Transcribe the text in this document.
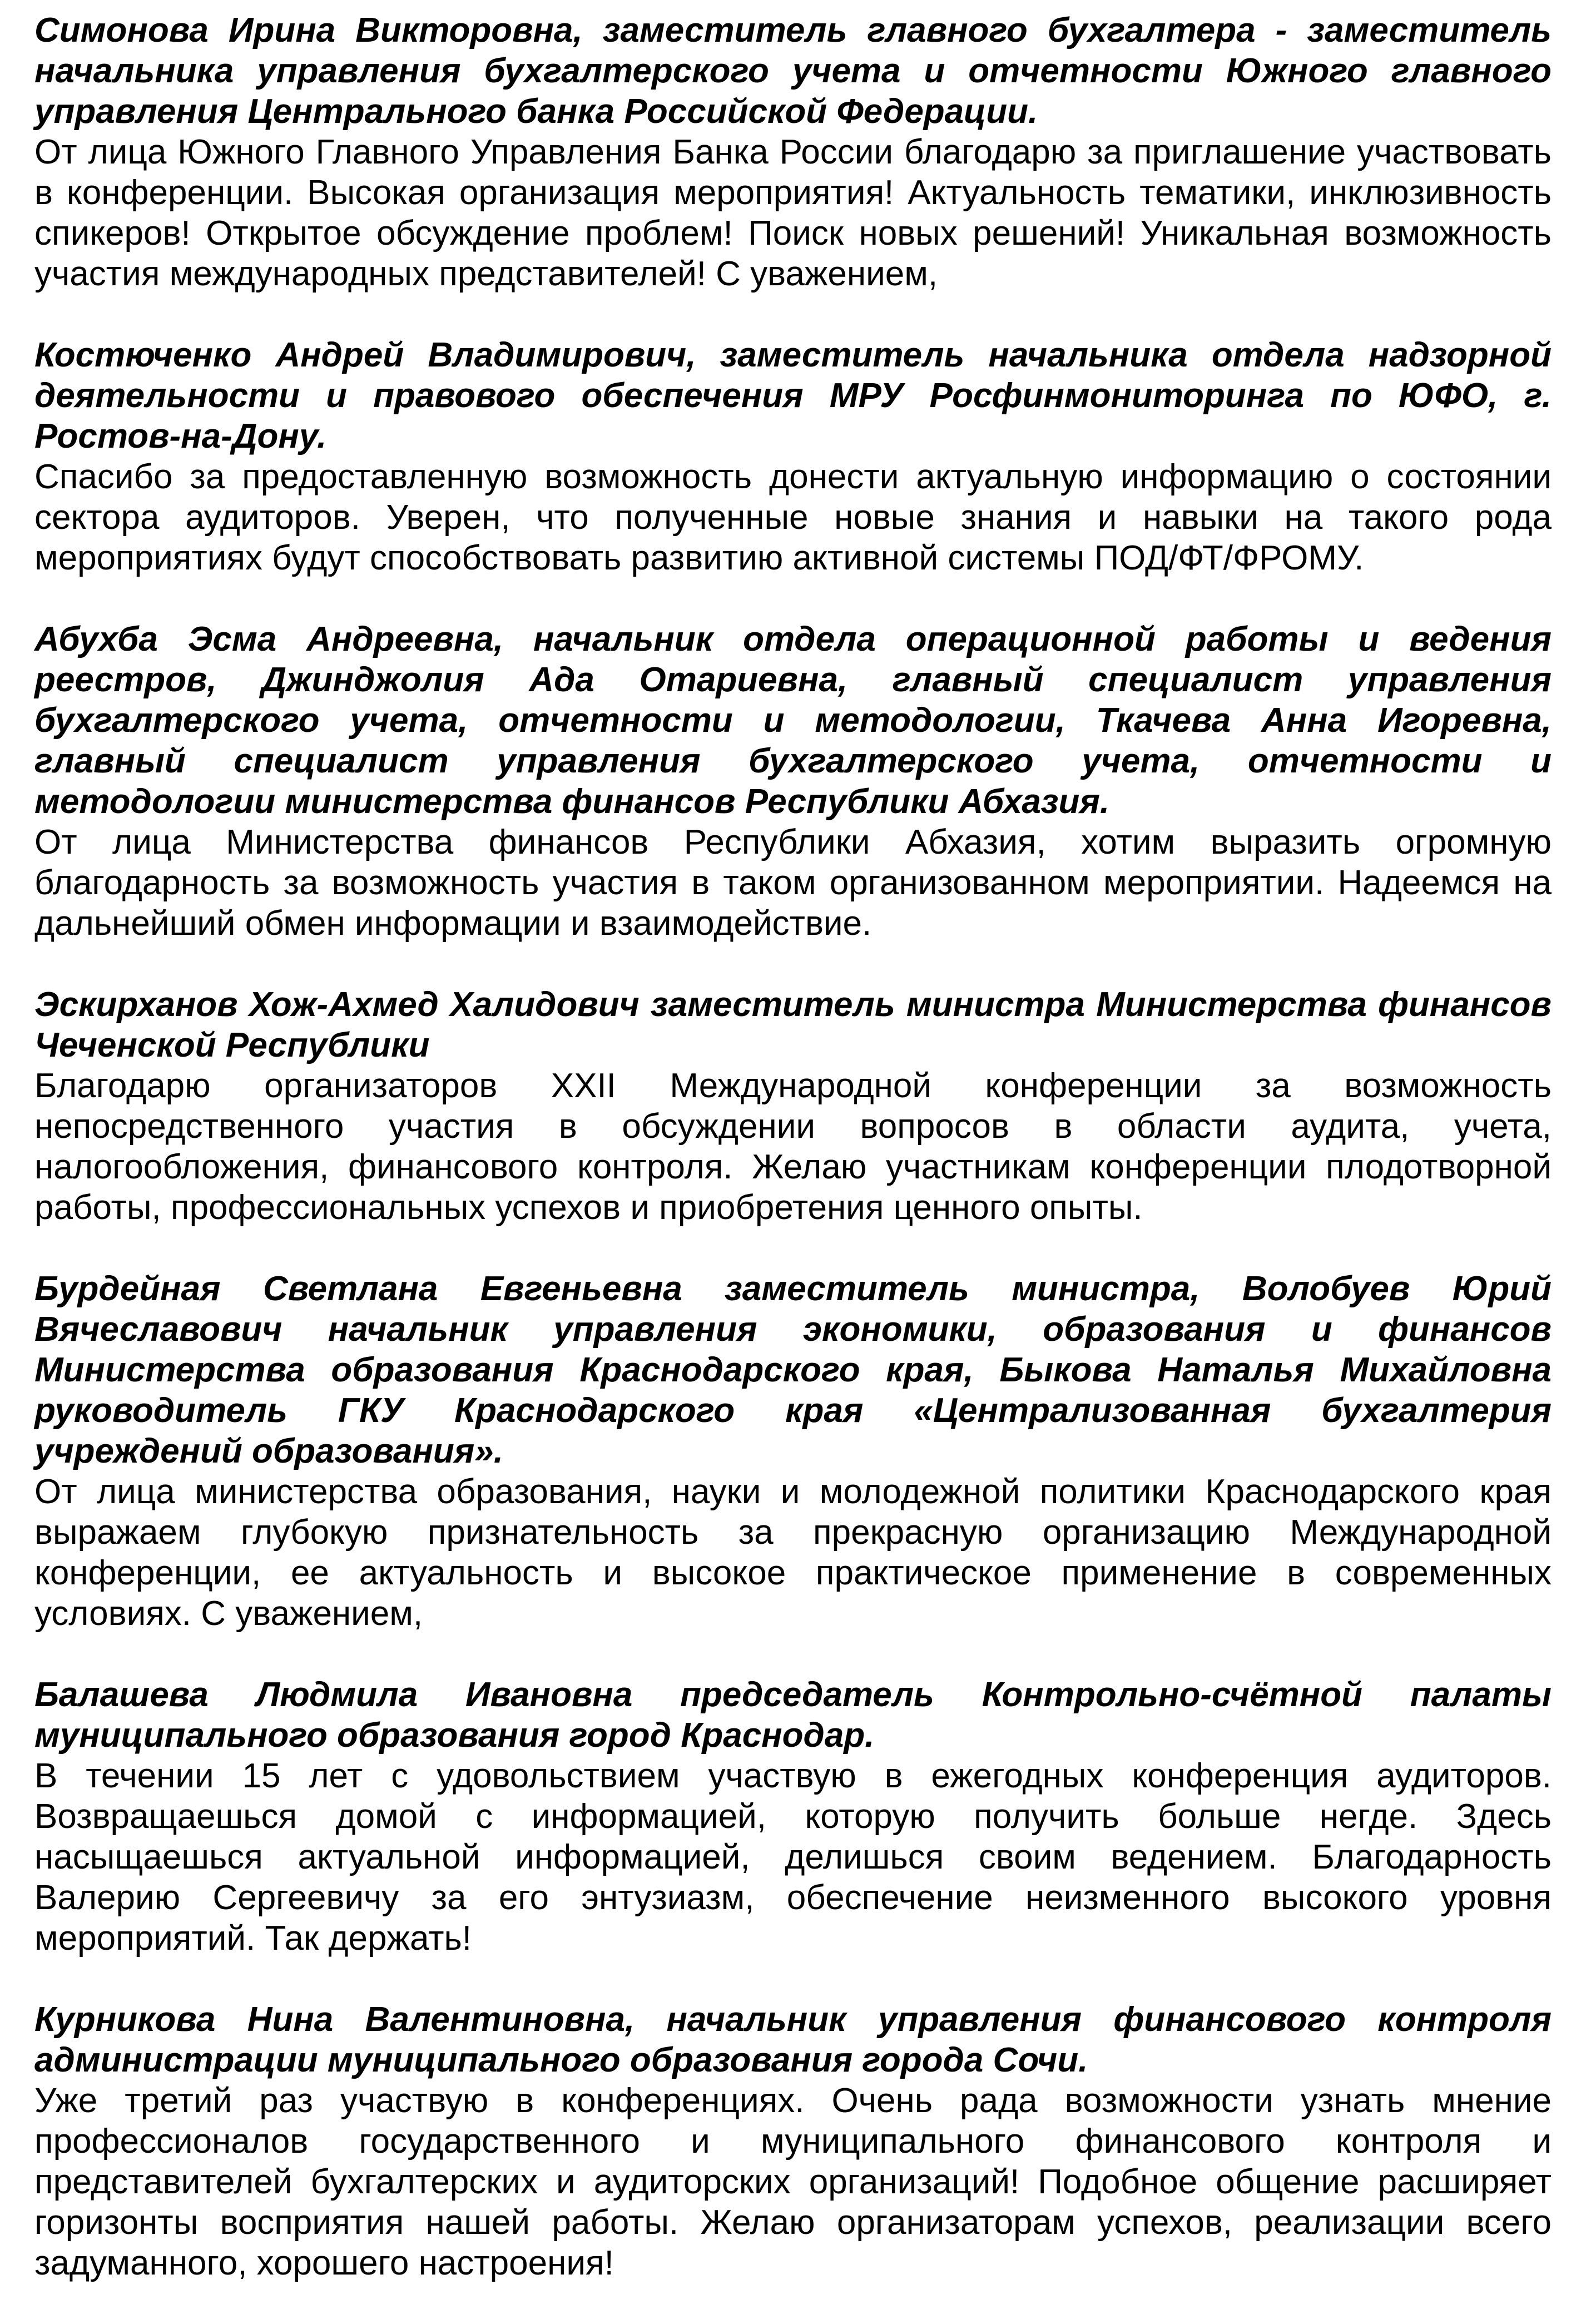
Симонова Ирина Викторовна, заместитель главного бухгалтера - заместитель начальника управления бухгалтерского учета и отчетности Южного главного управления Центрального банка Российской Федерации.

От лица Южного Главного Управления Банка России благодарю за приглашение участвовать в конференции. Высокая организация мероприятия! Актуальность тематики, инклюзивность спикеров! Открытое обсуждение проблем! Поиск новых решений! Уникальная возможность участия международных представителей! С уважением,

Костюченко Андрей Владимирович, заместитель начальника отдела надзорной деятельности и правового обеспечения МРУ Росфинмониторинга по ЮФО, г. Ростов-на-Дону.

Спасибо за предоставленную возможность донести актуальную информацию о состоянии сектора аудиторов. Уверен, что полученные новые знания и навыки на такого рода мероприятиях будут способствовать развитию активной системы ПОД/ФТ/ФРОМУ.

Абухба Эсма Андреевна, начальник отдела операционной работы и ведения реестров, Джинджолия Ада Отариевна, главный специалист управления бухгалтерского учета, отчетности и методологии, Ткачева Анна Игоревна, главный специалист управления бухгалтерского учета, отчетности и методологии министерства финансов Республики Абхазия.

От лица Министерства финансов Республики Абхазия, хотим выразить огромную благодарность за возможность участия в таком организованном мероприятии. Надеемся на дальнейший обмен информации и взаимодействие.

Эскирханов Хож-Ахмед Халидович заместитель министра Министерства финансов Чеченской Республики

Благодарю организаторов XXII Международной конференции за возможность непосредственного участия в обсуждении вопросов в области аудита, учета, налогообложения, финансового контроля. Желаю участникам конференции плодотворной работы, профессиональных успехов и приобретения ценного опыты.

Бурдейная Светлана Евгеньевна заместитель министра, Волобуев Юрий Вячеславович начальник управления экономики, образования и финансов Министерства образования Краснодарского края, Быкова Наталья Михайловна руководитель ГКУ Краснодарского края «Централизованная бухгалтерия учреждений образования».

От лица министерства образования, науки и молодежной политики Краснодарского края выражаем глубокую признательность за прекрасную организацию Международной конференции, ее актуальность и высокое практическое применение в современных условиях. С уважением,

Балашева Людмила Ивановна председатель Контрольно-счётной палаты муниципального образования город Краснодар.

В течении 15 лет с удовольствием участвую в ежегодных конференция аудиторов. Возвращаешься домой с информацией, которую получить больше негде. Здесь насыщаешься актуальной информацией, делишься своим ведением. Благодарность Валерию Сергеевичу за его энтузиазм, обеспечение неизменного высокого уровня мероприятий. Так держать!

Курникова Нина Валентиновна, начальник управления финансового контроля администрации муниципального образования города Сочи.

Уже третий раз участвую в конференциях. Очень рада возможности узнать мнение профессионалов государственного и муниципального финансового контроля и представителей бухгалтерских и аудиторских организаций! Подобное общение расширяет горизонты восприятия нашей работы. Желаю организаторам успехов, реализации всего задуманного, хорошего настроения!
